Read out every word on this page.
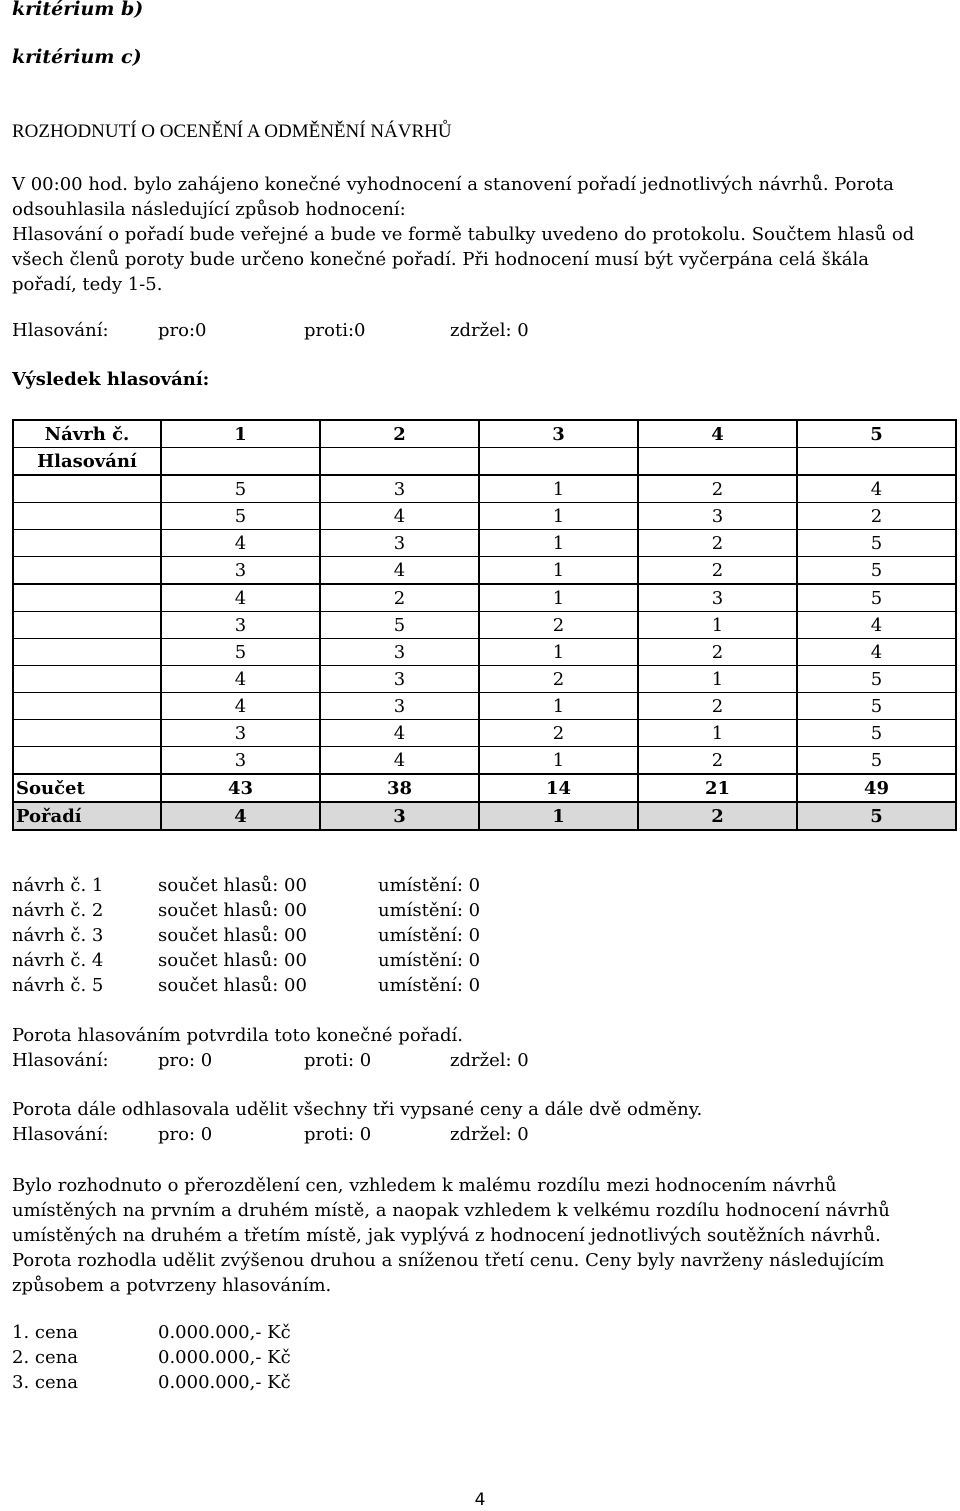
kritérium b)
kritérium c)
ROZHODNUTÍ O OCENĚNÍ A ODMĚNĚNÍ NÁVRHŮ
V 00:00 hod. bylo zahájeno konečné vyhodnocení a stanovení pořadí jednotlivých návrhů. Porota
odsouhlasila následující způsob hodnocení:
Hlasování o pořadí bude veřejné a bude ve formě tabulky uvedeno do protokolu. Součtem hlasů od
všech členů poroty bude určeno konečné pořadí. Při hodnocení musí být vyčerpána celá škála
pořadí, tedy 1-5.
Hlasování:	pro:0	proti:0	zdržel: 0
Výsledek hlasování:
Návrh č.	1	2	3	4	5
Hlasování					
	5	3	1	2	4
	5	4	1	3	2
	4	3	1	2	5
	3	4	1	2	5
	4	2	1	3	5
	3	5	2	1	4
	5	3	1	2	4
	4	3	2	1	5
	4	3	1	2	5
	3	4	2	1	5
	3	4	1	2	5
Součet	43	38	14	21	49
Pořadí	4	3	1	2	5
návrh č. 1	součet hlasů: 00	umístění: 0
návrh č. 2	součet hlasů: 00	umístění: 0
návrh č. 3	součet hlasů: 00	umístění: 0
návrh č. 4	součet hlasů: 00	umístění: 0
návrh č. 5	součet hlasů: 00	umístění: 0
Porota hlasováním potvrdila toto konečné pořadí.
Hlasování:	pro: 0	proti: 0	zdržel: 0
Porota dále odhlasovala udělit všechny tři vypsané ceny a dále dvě odměny.
Hlasování:	pro: 0	proti: 0	zdržel: 0
Bylo rozhodnuto o přerozdělení cen, vzhledem k malému rozdílu mezi hodnocením návrhů
umístěných na prvním a druhém místě, a naopak vzhledem k velkému rozdílu hodnocení návrhů
umístěných na druhém a třetím místě, jak vyplývá z hodnocení jednotlivých soutěžních návrhů.
Porota rozhodla udělit zvýšenou druhou a sníženou třetí cenu. Ceny byly navrženy následujícím
způsobem a potvrzeny hlasováním.
1. cena	0.000.000,- Kč
2. cena	0.000.000,- Kč
3. cena	0.000.000,- Kč
4
